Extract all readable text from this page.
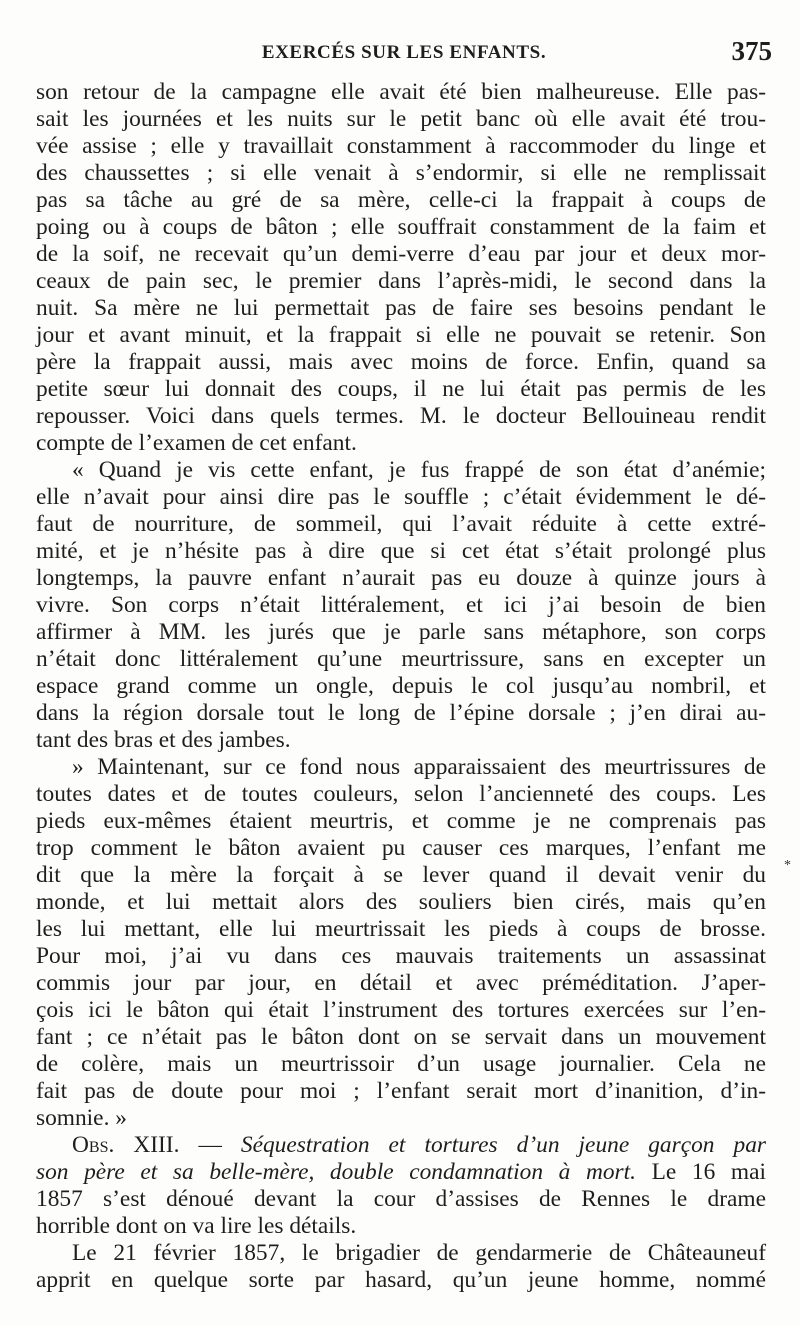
EXERCÉS SUR LES ENFANTS.	375
son retour de la campagne elle avait été bien malheureuse. Elle pas-
sait les journées et les nuits sur le petit banc où elle avait été trou-
vée assise ; elle y travaillait constamment à raccommoder du linge et
des chaussettes ; si elle venait à s’endormir, si elle ne remplissait
pas sa tâche au gré de sa mère, celle-ci la frappait à coups de
poing ou à coups de bâton ; elle souffrait constamment de la faim et
de la soif, ne recevait qu’un demi-verre d’eau par jour et deux mor-
ceaux de pain sec, le premier dans l’après-midi, le second dans la
nuit. Sa mère ne lui permettait pas de faire ses besoins pendant le
jour et avant minuit, et la frappait si elle ne pouvait se retenir. Son
père la frappait aussi, mais avec moins de force. Enfin, quand sa
petite sœur lui donnait des coups, il ne lui était pas permis de les
repousser. Voici dans quels termes. M. le docteur Bellouineau rendit
compte de l’examen de cet enfant.
« Quand je vis cette enfant, je fus frappé de son état d’anémie;
elle n’avait pour ainsi dire pas le souffle ; c’était évidemment le dé-
faut de nourriture, de sommeil, qui l’avait réduite à cette extré-
mité, et je n’hésite pas à dire que si cet état s’était prolongé plus
longtemps, la pauvre enfant n’aurait pas eu douze à quinze jours à
vivre. Son corps n’était littéralement, et ici j’ai besoin de bien
affirmer à MM. les jurés que je parle sans métaphore, son corps
n’était donc littéralement qu’une meurtrissure, sans en excepter un
espace grand comme un ongle, depuis le col jusqu’au nombril, et
dans la région dorsale tout le long de l’épine dorsale ; j’en dirai au-
tant des bras et des jambes.
» Maintenant, sur ce fond nous apparaissaient des meurtrissures de
toutes dates et de toutes couleurs, selon l’ancienneté des coups. Les
pieds eux-mêmes étaient meurtris, et comme je ne comprenais pas
trop comment le bâton avaient pu causer ces marques, l’enfant me
dit que la mère la forçait à se lever quand il devait venir du
monde, et lui mettait alors des souliers bien cirés, mais qu’en
les lui mettant, elle lui meurtrissait les pieds à coups de brosse.
Pour moi, j’ai vu dans ces mauvais traitements un assassinat
commis jour par jour, en détail et avec préméditation. J’aper-
çois ici le bâton qui était l’instrument des tortures exercées sur l’en-
fant ; ce n’était pas le bâton dont on se servait dans un mouvement
de colère, mais un meurtrissoir d’un usage journalier. Cela ne
fait pas de doute pour moi ; l’enfant serait mort d’inanition, d’in-
somnie. »
Obs. XIII. — Séquestration et tortures d’un jeune garçon par
son père et sa belle-mère, double condamnation à mort. Le 16 mai
1857 s’est dénoué devant la cour d’assises de Rennes le drame
horrible dont on va lire les détails.
Le 21 février 1857, le brigadier de gendarmerie de Châteauneuf
apprit en quelque sorte par hasard, qu’un jeune homme, nommé
*
